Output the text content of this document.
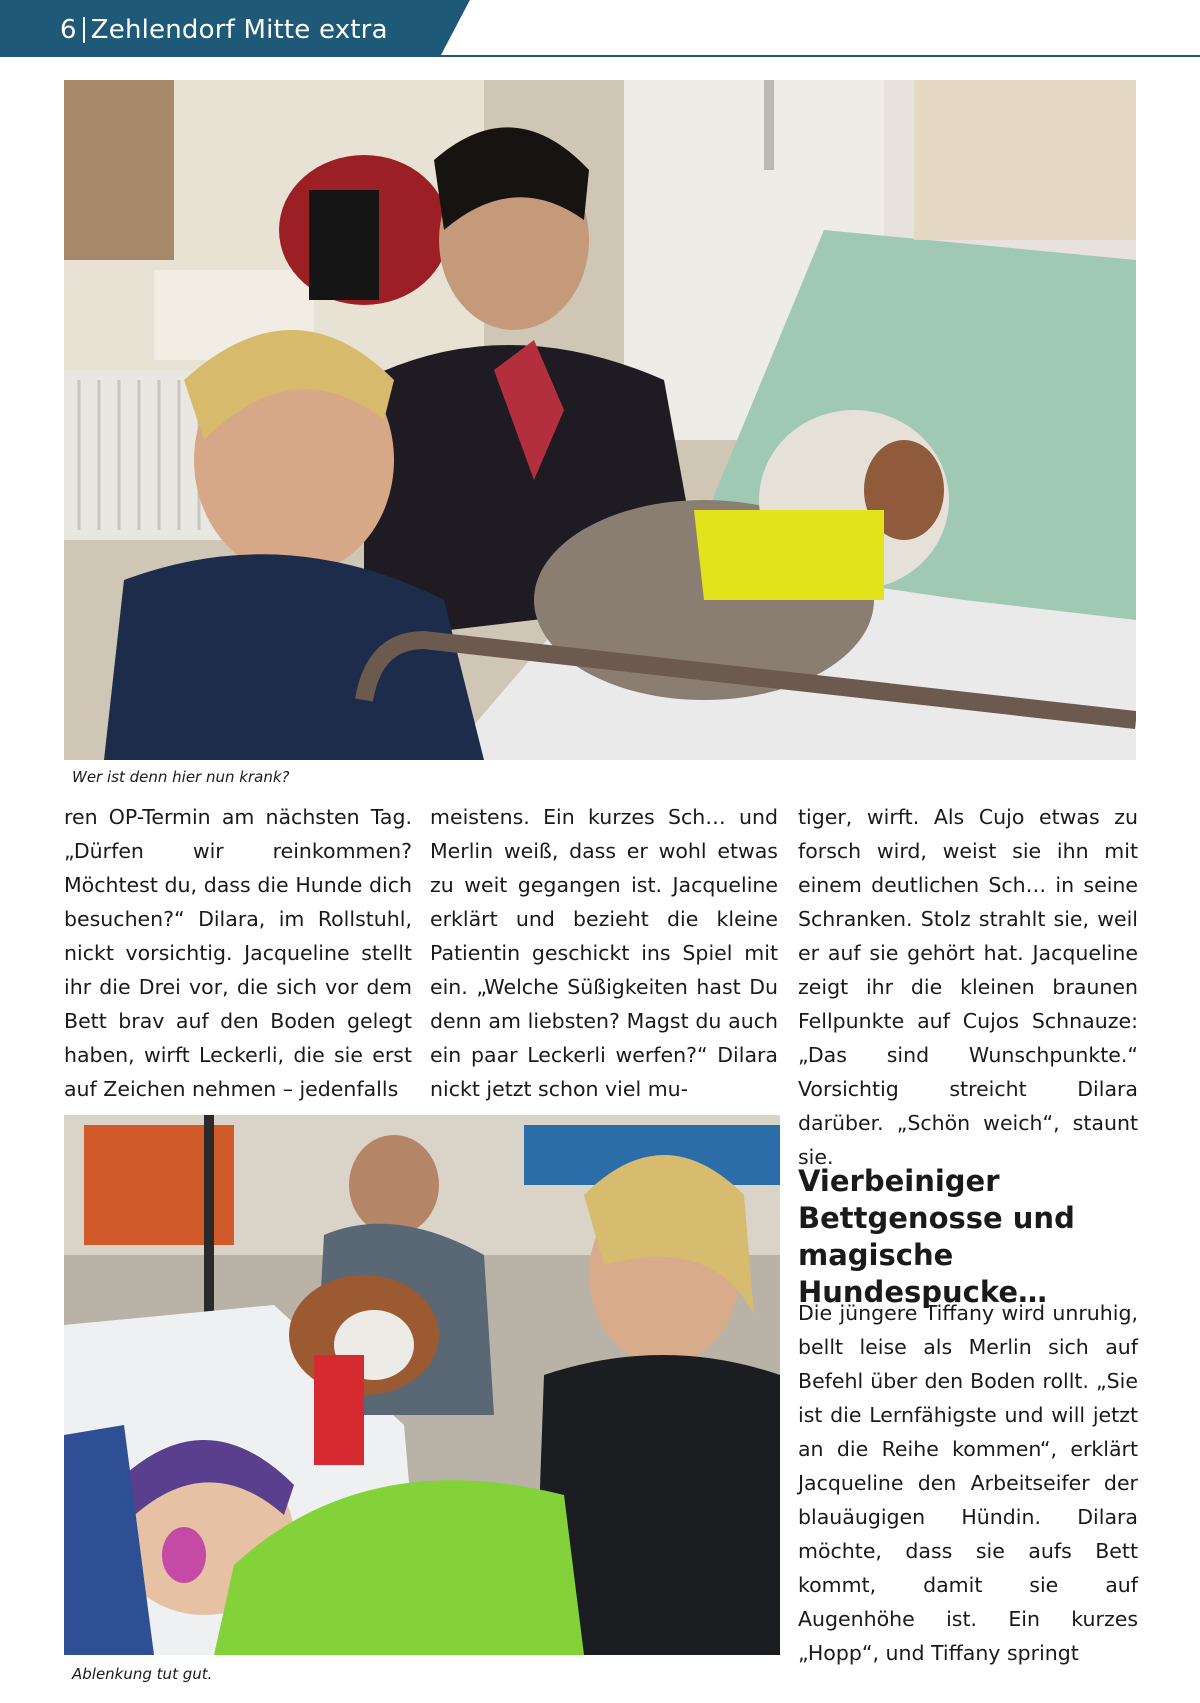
6 Zehlendorf Mitte extra
Wer ist denn hier nun krank?

ren OP-Termin am nächsten Tag. „Dürfen wir reinkommen? Möchtest du, dass die Hunde dich besuchen?“ Dilara, im Rollstuhl, nickt vorsichtig. Jacqueline stellt ihr die Drei vor, die sich vor dem Bett brav auf den Boden gelegt haben, wirft Leckerli, die sie erst auf Zeichen nehmen – jedenfalls

meistens. Ein kurzes Sch… und Merlin weiß, dass er wohl etwas zu weit gegangen ist. Jacqueline erklärt und bezieht die kleine Patientin geschickt ins Spiel mit ein. „Welche Süßigkeiten hast Du denn am liebsten? Magst du auch ein paar Leckerli werfen?“ Dilara nickt jetzt schon viel mu-

tiger, wirft. Als Cujo etwas zu forsch wird, weist sie ihn mit einem deutlichen Sch… in seine Schranken. Stolz strahlt sie, weil er auf sie gehört hat. Jacqueline zeigt ihr die kleinen braunen Fellpunkte auf Cujos Schnauze: „Das sind Wunschpunkte.“ Vorsichtig streicht Dilara darüber. „Schön weich“, staunt sie.

Vierbeiniger Bettgenosse und magische Hundespucke…

Die jüngere Tiffany wird unruhig, bellt leise als Merlin sich auf Befehl über den Boden rollt. „Sie ist die Lernfähigste und will jetzt an die Reihe kommen“, erklärt Jacqueline den Arbeitseifer der blauäugigen Hündin. Dilara möchte, dass sie aufs Bett kommt, damit sie auf Augenhöhe ist. Ein kurzes „Hopp“, und Tiffany springt

Ablenkung tut gut.
